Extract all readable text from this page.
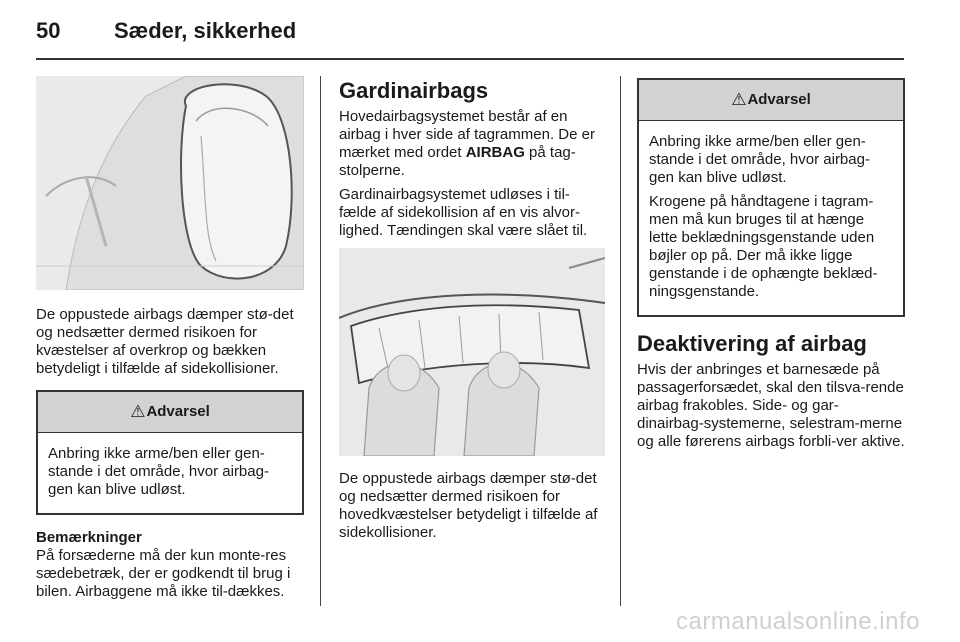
50	Sæder, sikkerhed

De oppustede airbags dæmper stø-det og nedsætter dermed risikoen for kvæstelser af overkrop og bækken betydeligt i tilfælde af sidekollisioner.

⚠ Advarsel

Anbring ikke arme/ben eller gen-stande i det område, hvor airbag-gen kan blive udløst.

Bemærkninger

På forsæderne må der kun monte-res sædebetræk, der er godkendt til brug i bilen. Airbaggene må ikke til-dækkes.

Gardinairbags

Hovedairbagsystemet består af en airbag i hver side af tagrammen. De er mærket med ordet AIRBAG på tag-stolperne.

Gardinairbagsystemet udløses i til-fælde af sidekollision af en vis alvor-lighed. Tændingen skal være slået til.

De oppustede airbags dæmper stø-det og nedsætter dermed risikoen for hovedkvæstelser betydeligt i tilfælde af sidekollisioner.

⚠ Advarsel

Anbring ikke arme/ben eller gen-stande i det område, hvor airbag-gen kan blive udløst.

Krogene på håndtagene i tagram-men må kun bruges til at hænge lette beklædningsgenstande uden bøjler op på. Der må ikke ligge genstande i de ophængte beklæd-ningsgenstande.

Deaktivering af airbag

Hvis der anbringes et barnesæde på passagerforsædet, skal den tilsva-rende airbag frakobles. Side- og gar-dinairbag-systemerne, selestram-merne og alle førerens airbags forbli-ver aktive.

carmanualsonline.info
